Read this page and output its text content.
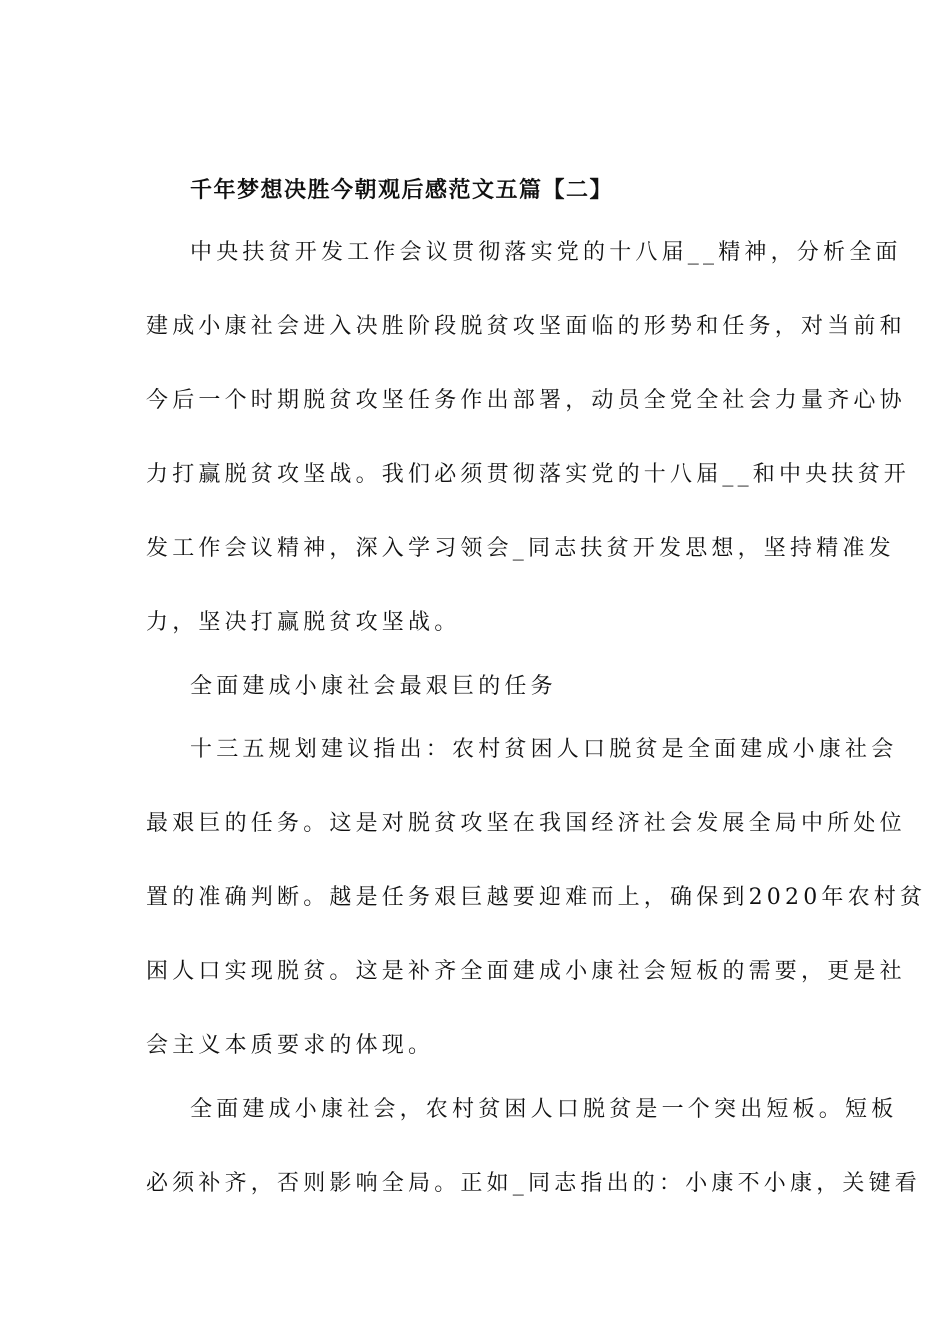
千年梦想决胜今朝观后感范文五篇【二】
中央扶贫开发工作会议贯彻落实党的十八届__精神，分析全面
建成小康社会进入决胜阶段脱贫攻坚面临的形势和任务，对当前和
今后一个时期脱贫攻坚任务作出部署，动员全党全社会力量齐心协
力打赢脱贫攻坚战。我们必须贯彻落实党的十八届__和中央扶贫开
发工作会议精神，深入学习领会_同志扶贫开发思想，坚持精准发
力，坚决打赢脱贫攻坚战。
全面建成小康社会最艰巨的任务
十三五规划建议指出：农村贫困人口脱贫是全面建成小康社会
最艰巨的任务。这是对脱贫攻坚在我国经济社会发展全局中所处位
置的准确判断。越是任务艰巨越要迎难而上，确保到2020年农村贫
困人口实现脱贫。这是补齐全面建成小康社会短板的需要，更是社
会主义本质要求的体现。
全面建成小康社会，农村贫困人口脱贫是一个突出短板。短板
必须补齐，否则影响全局。正如_同志指出的：小康不小康，关键看
